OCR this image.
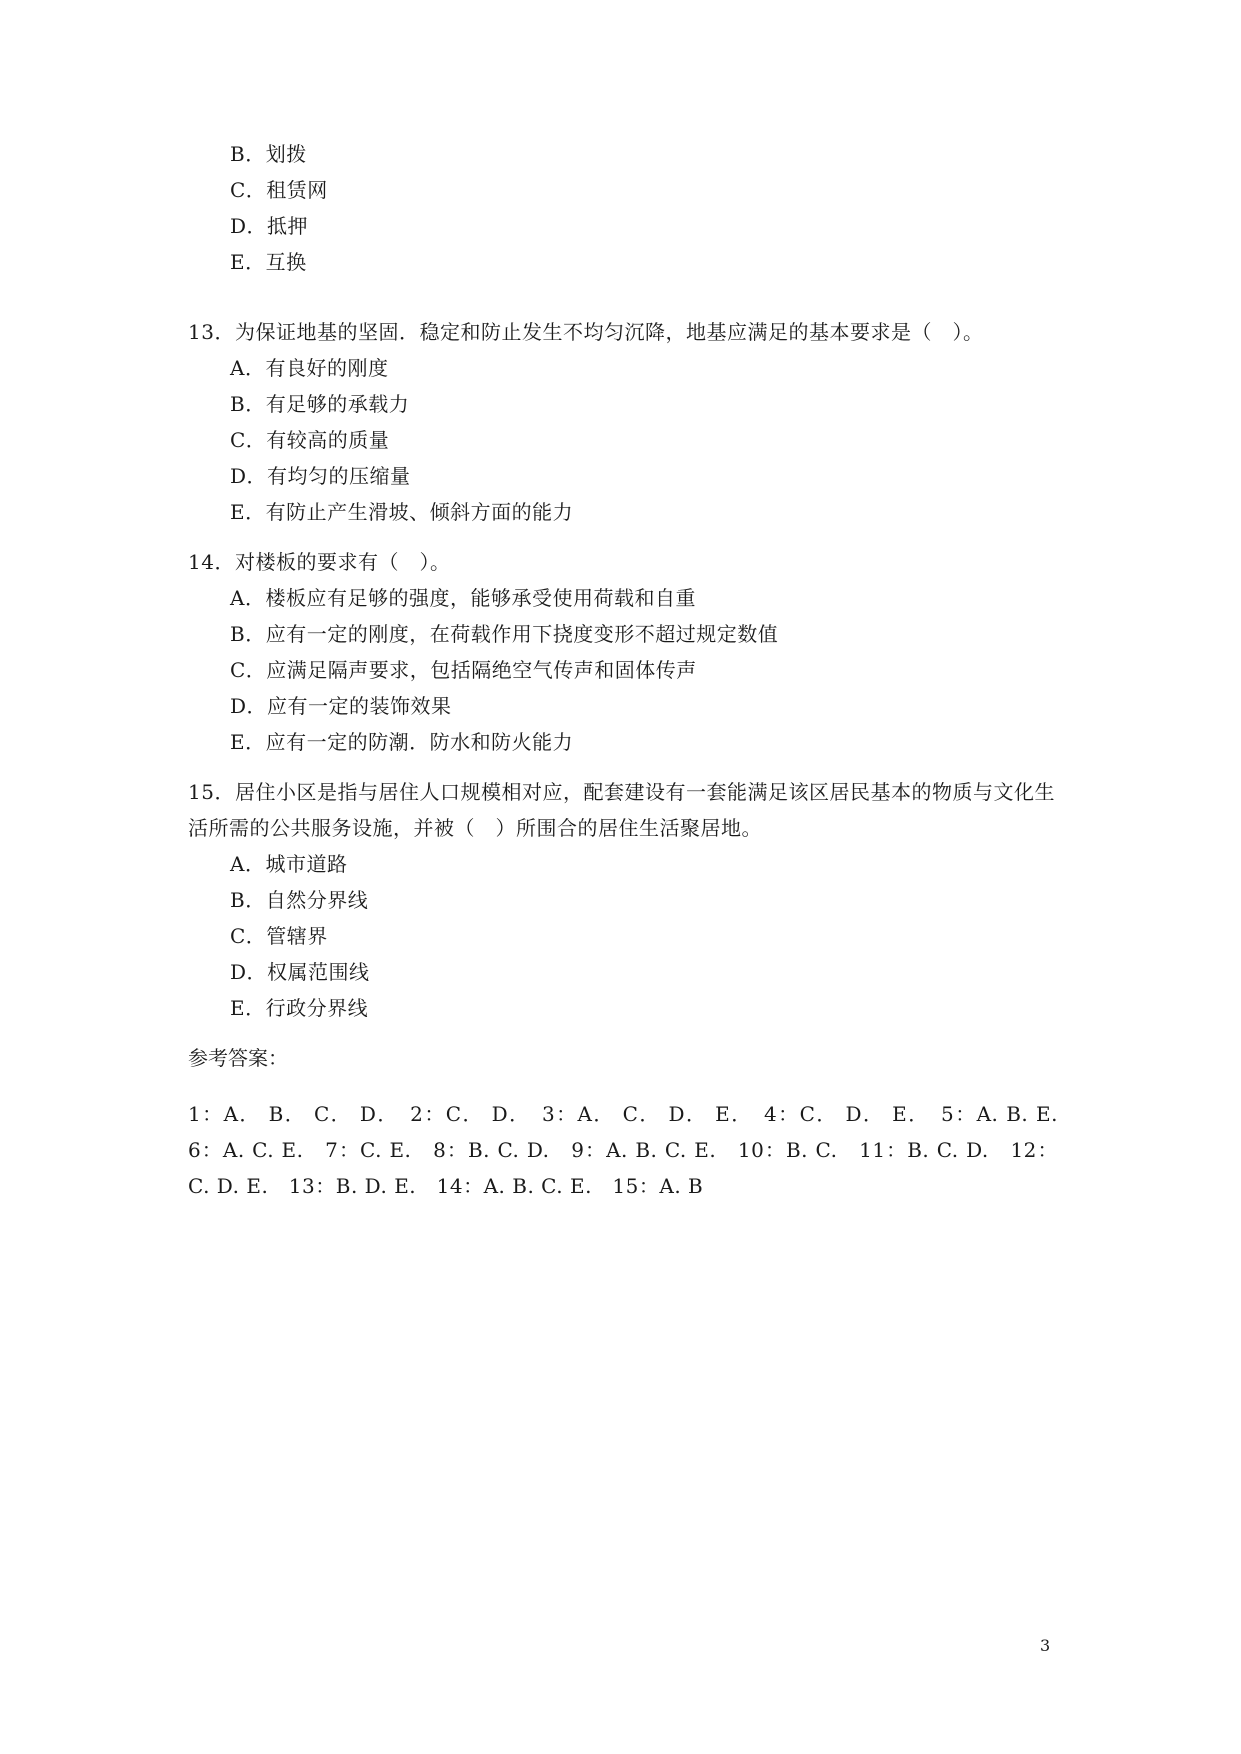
B．划拨
C．租赁网
D．抵押
E．互换
13．为保证地基的坚固．稳定和防止发生不均匀沉降，地基应满足的基本要求是（　）。
A．有良好的刚度
B．有足够的承载力
C．有较高的质量
D．有均匀的压缩量
E．有防止产生滑坡、倾斜方面的能力
14．对楼板的要求有（　）。
A．楼板应有足够的强度，能够承受使用荷载和自重
B．应有一定的刚度，在荷载作用下挠度变形不超过规定数值
C．应满足隔声要求，包括隔绝空气传声和固体传声
D．应有一定的装饰效果
E．应有一定的防潮．防水和防火能力
15．居住小区是指与居住人口规模相对应，配套建设有一套能满足该区居民基本的物质与文化生活所需的公共服务设施，并被（　）所围合的居住生活聚居地。
A．城市道路
B．自然分界线
C．管辖界
D．权属范围线
E．行政分界线
参考答案：
1：A． B． C． D．　2：C． D．　3：A． C． D． E．　4：C． D． E．　5：A. B. E.　6：A. C. E.　7：C. E.　8：B. C. D.　9：A. B. C. E.　10：B. C.　11：B. C. D.　12：C. D. E.　13：B. D. E.　14：A. B. C. E.　15：A. B
3
